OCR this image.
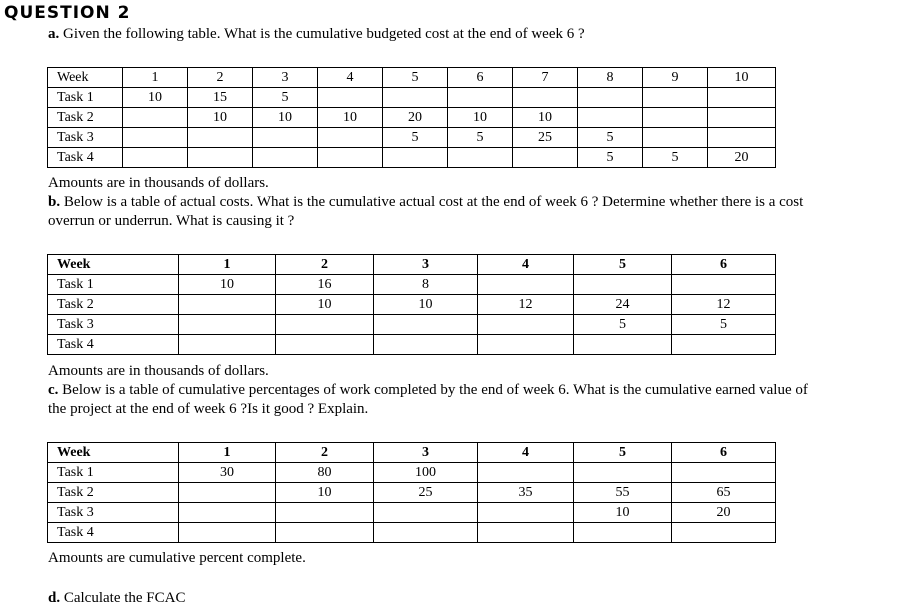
QUESTION 2
a. Given the following table. What is the cumulative budgeted cost at the end of week 6 ?
Week	1	2	3	4	5	6	7	8	9	10
Task 1	10	15	5							
Task 2		10	10	10	20	10	10			
Task 3					5	5	25	5		
Task 4								5	5	20
Amounts are in thousands of dollars.
b. Below is a table of actual costs. What is the cumulative actual cost at the end of week 6 ? Determine whether there is a cost
overrun or underrun. What is causing it ?
Week	1	2	3	4	5	6
Task 1	10	16	8			
Task 2		10	10	12	24	12
Task 3					5	5
Task 4						
Amounts are in thousands of dollars.
c. Below is a table of cumulative percentages of work completed by the end of week 6. What is the cumulative earned value of
the project at the end of week 6 ?Is it good ? Explain.
Week	1	2	3	4	5	6
Task 1	30	80	100			
Task 2		10	25	35	55	65
Task 3					10	20
Task 4						
Amounts are cumulative percent complete.
d. Calculate the FCAC
